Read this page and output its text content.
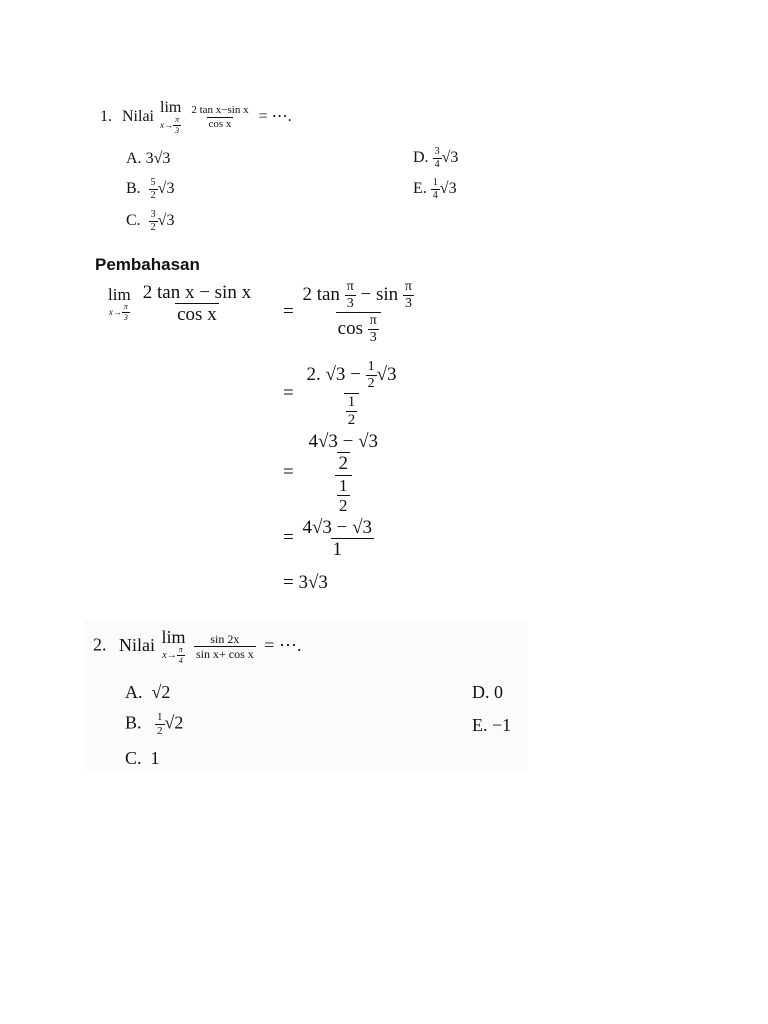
1. Nilai
lim
$x \to \frac{\pi}{3}$
$\frac{\text{2 tan x−sin x}}{\text{cos x}}$ = ⋯.
A. 3√3
B. $\frac{5}{2} √3$
C. $\frac{3}{2} √3$
D. $\frac{3}{4} √3$
E. $\frac{1}{4} √3$
Pembahasan
lim
$x \to \frac{\pi}{3}$
$\frac{\text{2 tan x − sin x}}{\text{cos x}} = \frac{2 \tan \frac{\pi}{3} - \sin \frac{\pi}{3}}{\cos \frac{\pi}{3}}$
= $\frac{2. √3 - \frac{1}{2} √3}{\frac{1}{2}}$
= $\frac{\frac{4√3 - √3}{2}}{\frac{1}{2}}$
= $\frac{4√3 - √3}{1}$
= 3√3
2. Nilai lim
$x \to \frac{\pi}{4}$
$\frac{\sin 2x}{\text{sin x+ cos x}}$ = ⋯.
A. √2
B. $\frac{1}{2} √2$
C. 1
D. 0
E. −1
